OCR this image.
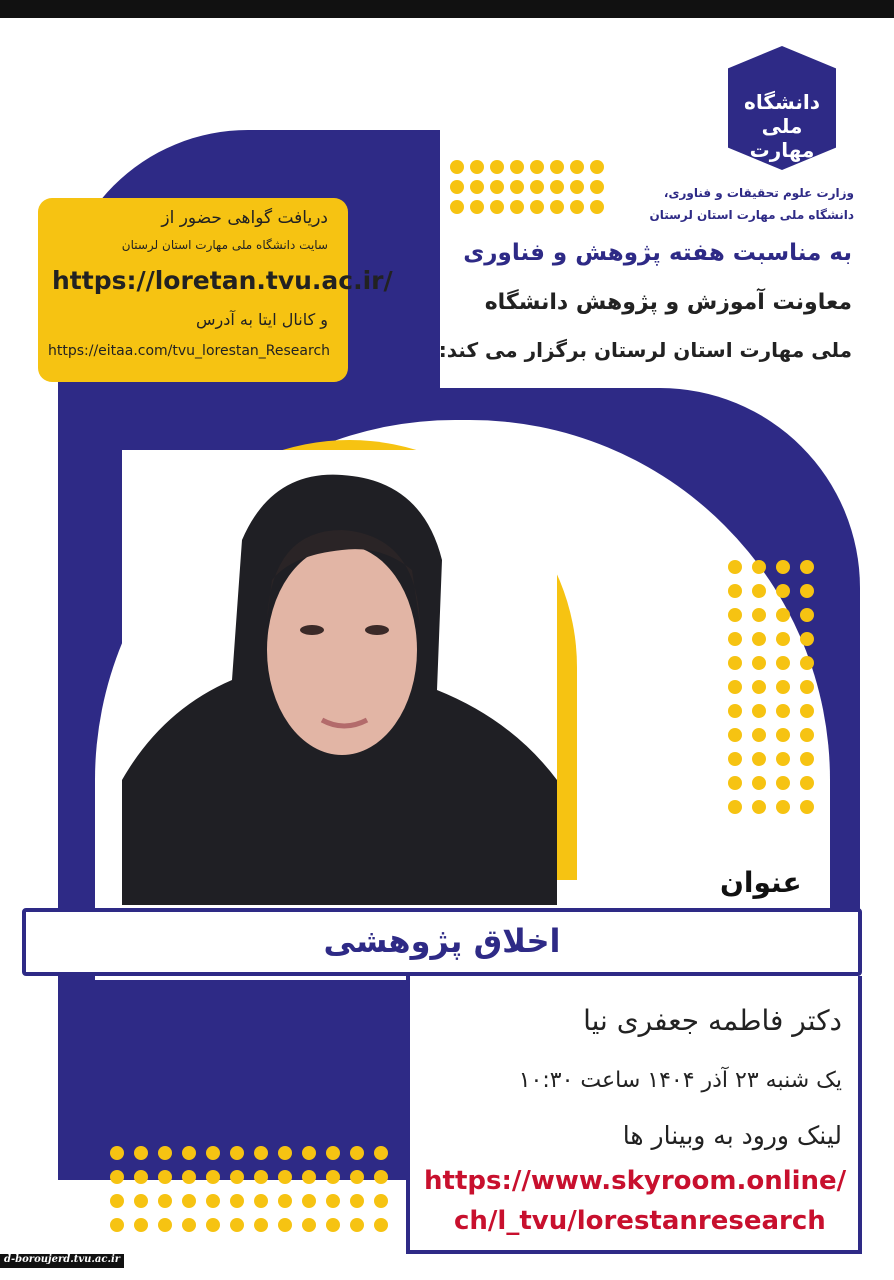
دانشگاه ملی مهارت
وزارت علوم تحقیقات و فناوری،
دانشگاه ملی مهارت استان لرستان
به مناسبت هفته پژوهش و فناوری
معاونت آموزش و پژوهش دانشگاه
ملی مهارت استان لرستان برگزار می کند:
دریافت گواهی حضور از
سایت دانشگاه ملی مهارت استان لرستان
https://loretan.tvu.ac.ir/
و کانال ایتا به آدرس
https://eitaa.com/tvu_lorestan_Research
عنوان
اخلاق پژوهشی
دکتر فاطمه جعفری نیا
یک شنبه ۲۳ آذر ۱۴۰۴ ساعت ۱۰:۳۰
لینک ورود به وبینار ها
https://www.skyroom.online/
ch/l_tvu/lorestanresearch
d-boroujerd.tvu.ac.ir
